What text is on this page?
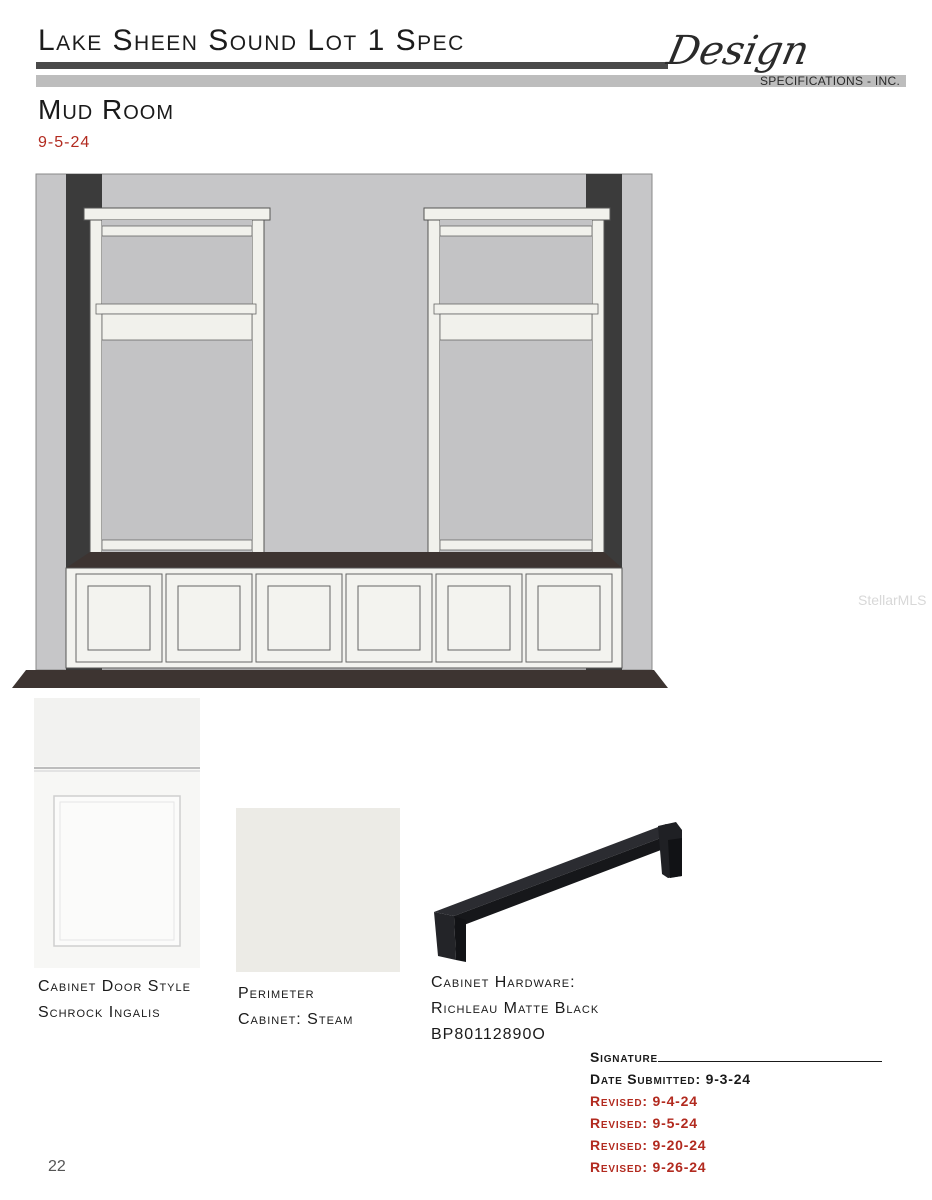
Lake Sheen Sound Lot 1 Spec	Design
SPECIFICATIONS - INC.
Mud Room
9-5-24
Cabinet Door Style
Schrock Ingalis
Perimeter
Cabinet: Steam
Cabinet Hardware:
Richleau Matte Black
BP80112890O
Signature
Date Submitted: 9-3-24
Revised: 9-4-24
Revised: 9-5-24
Revised: 9-20-24
Revised: 9-26-24
22
StellarMLS
